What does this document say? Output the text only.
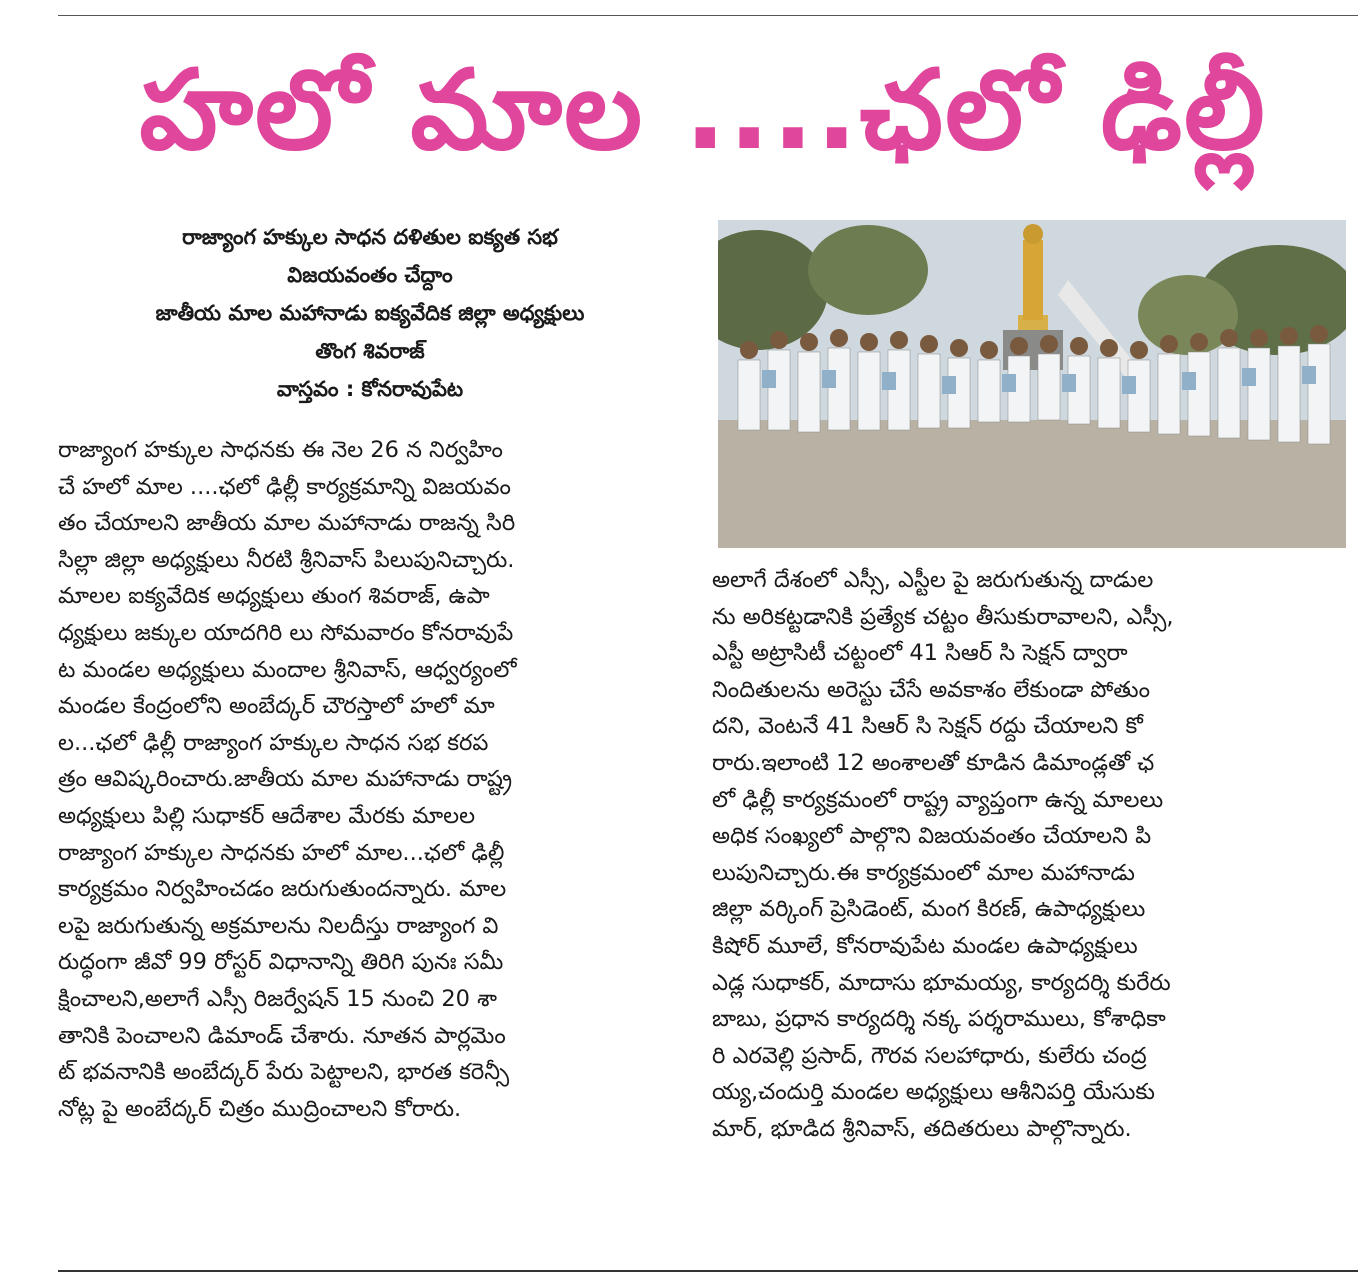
హలో మాల ....ఛలో ఢిల్లీ
రాజ్యాంగ హక్కుల సాధన దళితుల ఐక్యత సభ
విజయవంతం చేద్దాం
జాతీయ మాల మహానాడు ఐక్యవేదిక జిల్లా అధ్యక్షులు
తొంగ శివరాజ్
వాస్తవం : కోనరావుపేట
రాజ్యాంగ హక్కుల సాధనకు ఈ నెల 26 న నిర్వహిం
చే హలో మాల ....ఛలో ఢిల్లీ కార్యక్రమాన్ని విజయవం
తం చేయాలని జాతీయ మాల మహానాడు రాజన్న సిరి
సిల్లా జిల్లా అధ్యక్షులు నీరటి శ్రీనివాస్ పిలుపునిచ్చారు.
మాలల ఐక్యవేదిక అధ్యక్షులు తుంగ శివరాజ్, ఉపా
ధ్యక్షులు జక్కుల యాదగిరి లు సోమవారం కోనరావుపే
ట మండల అధ్యక్షులు మందాల శ్రీనివాస్, ఆధ్వర్యంలో
మండల కేంద్రంలోని అంబేద్కర్ చౌరస్తాలో హలో మా
ల...ఛలో ఢిల్లీ రాజ్యాంగ హక్కుల సాధన సభ కరప
త్రం ఆవిష్కరించారు.జాతీయ మాల మహానాడు రాష్ట్ర
అధ్యక్షులు పిల్లి సుధాకర్ ఆదేశాల మేరకు మాలల
రాజ్యాంగ హక్కుల సాధనకు హలో మాల...ఛలో ఢిల్లీ
కార్యక్రమం నిర్వహించడం జరుగుతుందన్నారు. మాల
లపై జరుగుతున్న అక్రమాలను నిలదీస్తు రాజ్యాంగ వి
రుద్ధంగా జీవో 99 రోస్టర్ విధానాన్ని తిరిగి పునః సమీ
క్షించాలని,అలాగే ఎస్సీ రిజర్వేషన్ 15 నుంచి 20 శా
తానికి పెంచాలని డిమాండ్ చేశారు. నూతన పార్లమెం
ట్ భవనానికి అంబేద్కర్ పేరు పెట్టాలని, భారత కరెన్సీ
నోట్ల పై అంబేద్కర్ చిత్రం ముద్రించాలని కోరారు.
అలాగే దేశంలో ఎస్సీ, ఎస్టీల పై జరుగుతున్న దాడుల
ను అరికట్టడానికి ప్రత్యేక చట్టం తీసుకురావాలని, ఎస్సీ,
ఎస్టీ అట్రాసిటీ చట్టంలో 41 సిఆర్ సి సెక్షన్ ద్వారా
నిందితులను అరెస్టు చేసే అవకాశం లేకుండా పోతుం
దని, వెంటనే 41 సిఆర్ సి సెక్షన్ రద్దు చేయాలని కో
రారు.ఇలాంటి 12 అంశాలతో కూడిన డిమాండ్లతో ఛ
లో ఢిల్లీ కార్యక్రమంలో రాష్ట్ర వ్యాప్తంగా ఉన్న మాలలు
అధిక సంఖ్యలో పాల్గొని విజయవంతం చేయాలని పి
లుపునిచ్చారు.ఈ కార్యక్రమంలో మాల మహానాడు
జిల్లా వర్కింగ్ ప్రెసిడెంట్, మంగ కిరణ్, ఉపాధ్యక్షులు
కిషోర్ మూలే, కోనరావుపేట మండల ఉపాధ్యక్షులు
ఎడ్ల సుధాకర్, మాదాసు భూమయ్య, కార్యదర్శి కురేరు
బాబు, ప్రధాన కార్యదర్శి నక్క పర్శరాములు, కోశాధికా
రి ఎరవెల్లి ప్రసాద్, గౌరవ సలహాధారు, కులేరు చంద్ర
య్య,చందుర్తి మండల అధ్యక్షులు ఆశీనిపర్తి యేసుకు
మార్, భూడిద శ్రీనివాస్, తదితరులు పాల్గొన్నారు.
